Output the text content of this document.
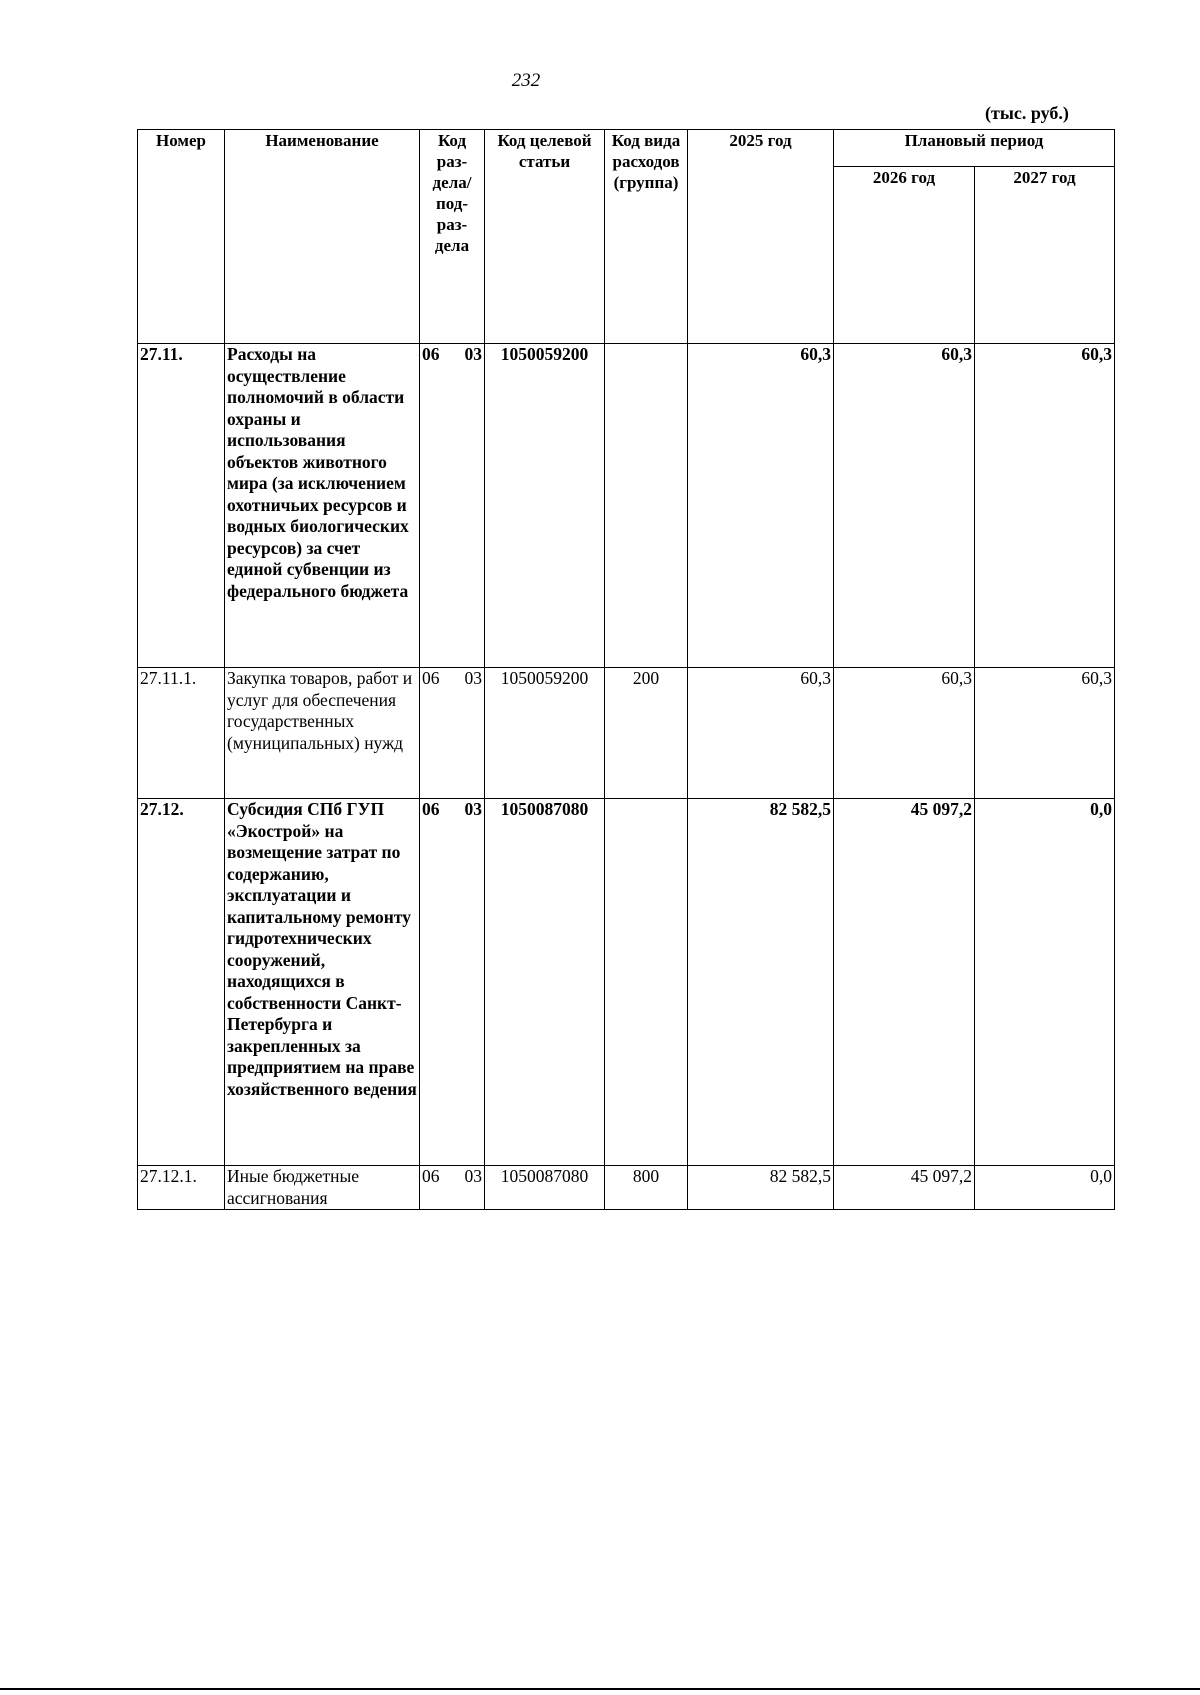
232
(тыс. руб.)
Номер	Наименование	Код раз-дела/ под-раз-дела	Код целевой статьи	Код вида расходов (группа)	2025 год	Плановый период	
						2026 год	2027 год
27.11.	Расходы на осуществление полномочий в области охраны и использования объектов животного мира (за исключением охотничьих ресурсов и водных биологических ресурсов) за счет единой субвенции из федерального бюджета	06 03	1050059200		60,3	60,3	60,3
27.11.1.	Закупка товаров, работ и услуг для обеспечения государственных (муниципальных) нужд	06 03	1050059200	200	60,3	60,3	60,3
27.12.	Субсидия СПб ГУП «Экострой» на возмещение затрат по содержанию, эксплуатации и капитальному ремонту гидротехнических сооружений, находящихся в собственности Санкт-Петербурга и закрепленных за предприятием на праве хозяйственного ведения	06 03	1050087080		82 582,5	45 097,2	0,0
27.12.1.	Иные бюджетные ассигнования	06 03	1050087080	800	82 582,5	45 097,2	0,0
